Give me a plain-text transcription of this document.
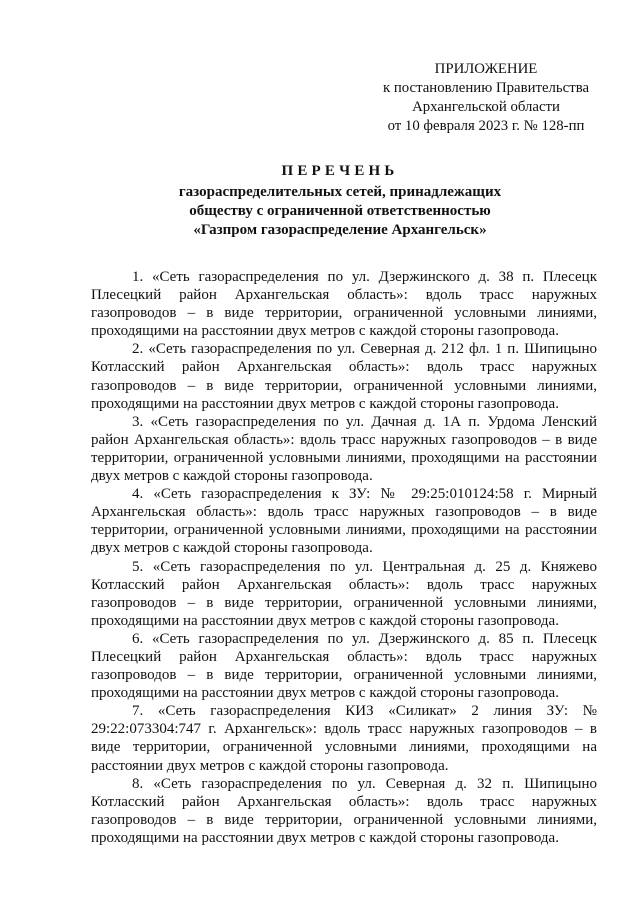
ПРИЛОЖЕНИЕ
к постановлению Правительства
Архангельской области
от 10 февраля 2023 г. № 128-пп
ПЕРЕЧЕНЬ
газораспределительных сетей, принадлежащих
обществу с ограниченной ответственностью
«Газпром газораспределение Архангельск»

1. «Сеть газораспределения по ул. Дзержинского д. 38 п. Плесецк Плесецкий район Архангельская область»: вдоль трасс наружных газопроводов – в виде территории, ограниченной условными линиями, проходящими на расстоянии двух метров с каждой стороны газопровода.

2. «Сеть газораспределения по ул. Северная д. 212 фл. 1 п. Шипицыно Котласский район Архангельская область»: вдоль трасс наружных газопроводов – в виде территории, ограниченной условными линиями, проходящими на расстоянии двух метров с каждой стороны газопровода.

3. «Сеть газораспределения по ул. Дачная д. 1А п. Урдома Ленский район Архангельская область»: вдоль трасс наружных газопроводов – в виде территории, ограниченной условными линиями, проходящими на расстоянии двух метров с каждой стороны газопровода.

4. «Сеть газораспределения к ЗУ: № 29:25:010124:58 г. Мирный Архангельская область»: вдоль трасс наружных газопроводов – в виде территории, ограниченной условными линиями, проходящими на расстоянии двух метров с каждой стороны газопровода.

5. «Сеть газораспределения по ул. Центральная д. 25 д. Княжево Котласский район Архангельская область»: вдоль трасс наружных газопроводов – в виде территории, ограниченной условными линиями, проходящими на расстоянии двух метров с каждой стороны газопровода.

6. «Сеть газораспределения по ул. Дзержинского д. 85 п. Плесецк Плесецкий район Архангельская область»: вдоль трасс наружных газопроводов – в виде территории, ограниченной условными линиями, проходящими на расстоянии двух метров с каждой стороны газопровода.

7. «Сеть газораспределения КИЗ «Силикат» 2 линия ЗУ: № 29:22:073304:747 г. Архангельск»: вдоль трасс наружных газопроводов – в виде территории, ограниченной условными линиями, проходящими на расстоянии двух метров с каждой стороны газопровода.

8. «Сеть газораспределения по ул. Северная д. 32 п. Шипицыно Котласский район Архангельская область»: вдоль трасс наружных газопроводов – в виде территории, ограниченной условными линиями, проходящими на расстоянии двух метров с каждой стороны газопровода.
